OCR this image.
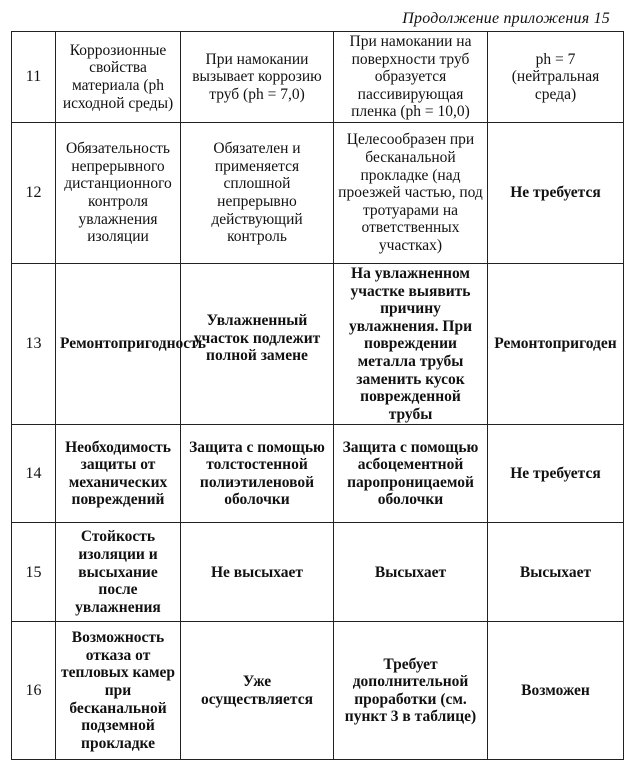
Продолжение приложения 15
11	Коррозионные свойства материала (ph исходной среды)	При намокании вызывает коррозию труб (ph = 7,0)	При намокании на поверхности труб образуется пассивирующая пленка (ph = 10,0)	ph = 7 (нейтральная среда)
12	Обязательность непрерывного дистанционного контроля увлажнения изоляции	Обязателен и применяется сплошной непрерывно действующий контроль	Целесообразен при бесканальной прокладке (над проезжей частью, под тротуарами на ответственных участках)	Не требуется
13	Ремонтопригодность	Увлажненный участок подлежит полной замене	На увлажненном участке выявить причину увлажнения. При повреждении металла трубы заменить кусок поврежденной трубы	Ремонтопригоден
14	Необходимость защиты от механических повреждений	Защита с помощью толстостенной полиэтиленовой оболочки	Защита с помощью асбоцементной паропроницаемой оболочки	Не требуется
15	Стойкость изоляции и высыхание после увлажнения	Не высыхает	Высыхает	Высыхает
16	Возможность отказа от тепловых камер при бесканальной подземной прокладке	Уже осуществляется	Требует дополнительной проработки (см. пункт 3 в таблице)	Возможен
